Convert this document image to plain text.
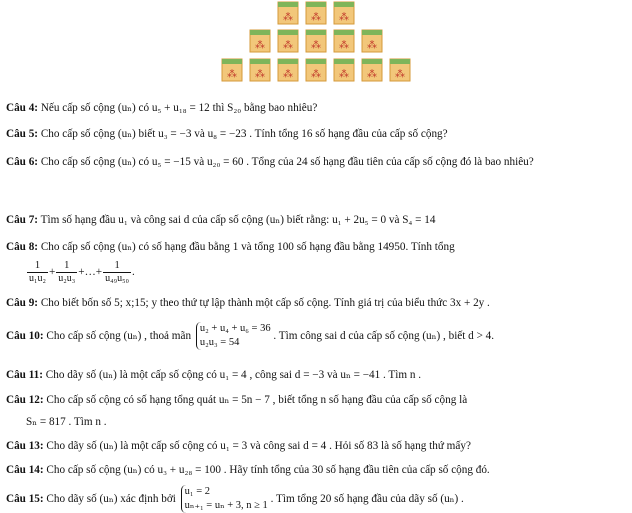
⁂ ⁂ ⁂
⁂ ⁂ ⁂ ⁂ ⁂
⁂ ⁂ ⁂ ⁂ ⁂ ⁂ ⁂
Câu 4: Nếu cấp số cộng (uₙ) có u₅ + u₁₈ = 12 thì S₂₀ bằng bao nhiêu?
Câu 5: Cho cấp số cộng (uₙ) biết u₃ = −3 và u₈ = −23 . Tính tổng 16 số hạng đầu của cấp số cộng?
Câu 6: Cho cấp số cộng (uₙ) có u₅ = −15 và u₂₀ = 60 . Tổng của 24 số hạng đầu tiên của cấp số cộng đó là bao nhiêu?
Câu 7: Tìm số hạng đầu u₁ và công sai d của cấp số cộng (uₙ) biết rằng: u₁ + 2u₅ = 0 và S₄ = 14
Câu 8: Cho cấp số cộng (uₙ) có số hạng đầu bằng 1 và tổng 100 số hạng đầu bằng 14950. Tính tổng
$\frac{1}{\text{u₁u₂}} + \frac{1}{\text{u₂u₃}}$ +…+ $\frac{1}{\text{u₄₉u₅₀}}$ .
Câu 9: Cho biết bốn số 5; x;15; y theo thứ tự lập thành một cấp số cộng. Tính giá trị của biểu thức 3x + 2y .
Câu 10: Cho cấp số cộng (uₙ) , thoả mãn
u₂ + u₄ + u₆ = 36
u₂u₃ = 54
. Tìm công sai d của cấp số cộng (uₙ) , biết d > 4.
Câu 11: Cho dãy số (uₙ) là một cấp số cộng có u₁ = 4 , công sai d = −3 và uₙ = −41 . Tìm n .
Câu 12: Cho cấp số cộng có số hạng tổng quát uₙ = 5n − 7 , biết tổng n số hạng đầu của cấp số cộng là
Sₙ = 817 . Tìm n .
Câu 13: Cho dãy số (uₙ) là một cấp số cộng có u₁ = 3 và công sai d = 4 . Hỏi số 83 là số hạng thứ mấy?
Câu 14: Cho cấp số cộng (uₙ) có u₃ + u₂₈ = 100 . Hãy tính tổng của 30 số hạng đầu tiên của cấp số cộng đó.
Câu 15: Cho dãy số (uₙ) xác định bởi
u₁ = 2
uₙ₊₁ = uₙ + 3, n ≥ 1
. Tìm tổng 20 số hạng đầu của dãy số (uₙ) .
